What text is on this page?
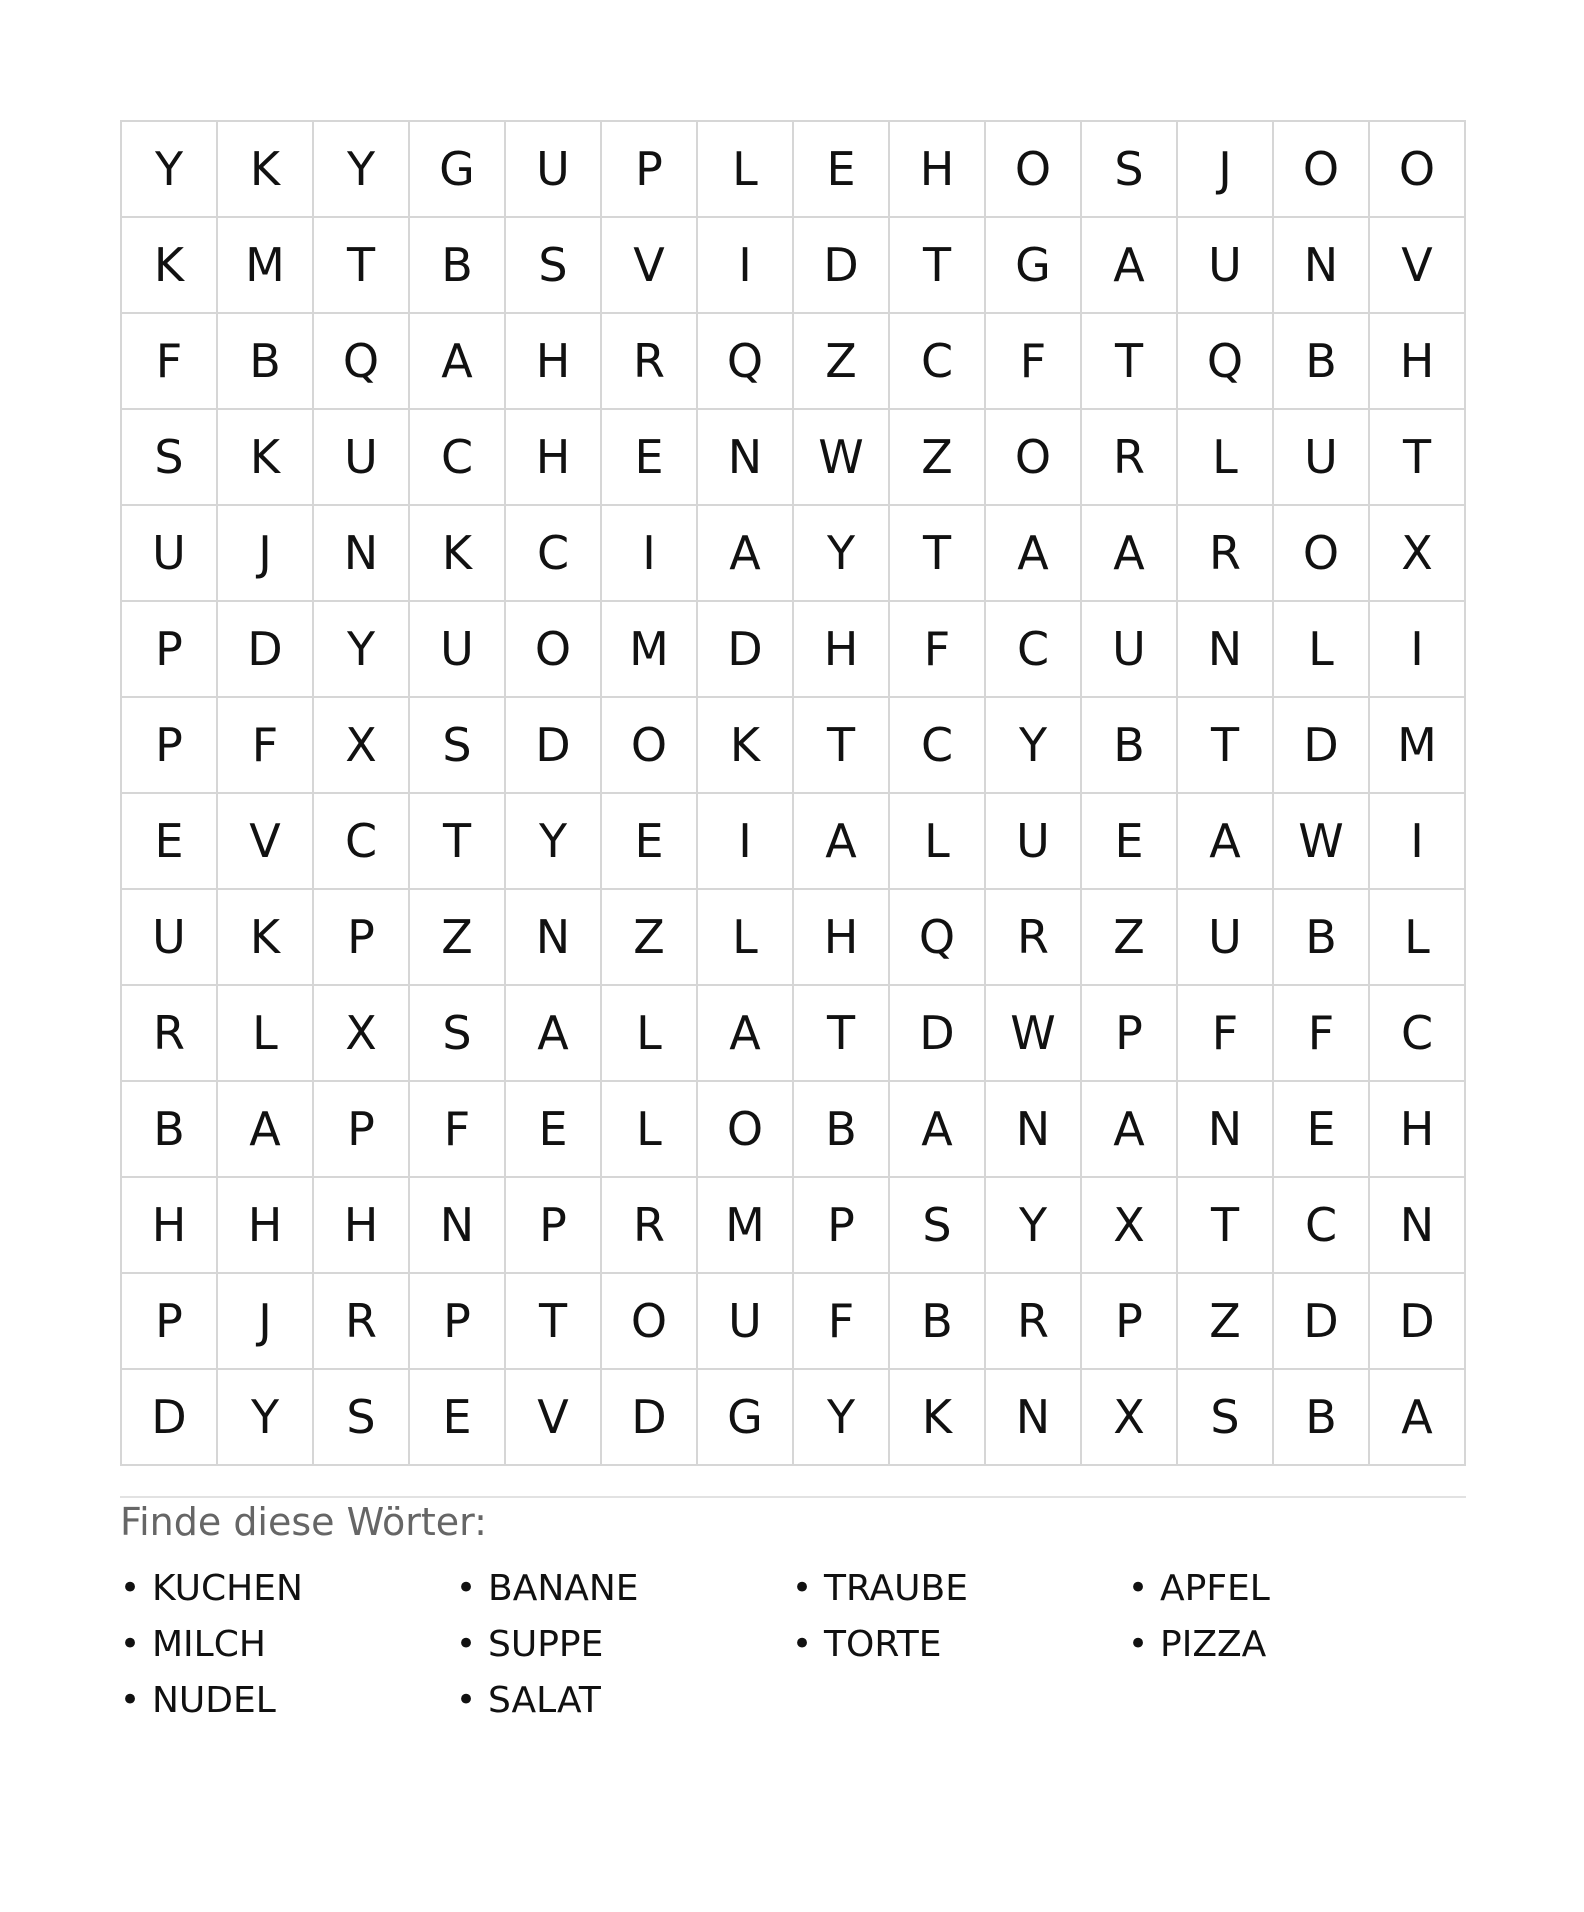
Y	K	Y	G	U	P	L	E	H	O	S	J	O	O
K	M	T	B	S	V	I	D	T	G	A	U	N	V
F	B	Q	A	H	R	Q	Z	C	F	T	Q	B	H
S	K	U	C	H	E	N	W	Z	O	R	L	U	T
U	J	N	K	C	I	A	Y	T	A	A	R	O	X
P	D	Y	U	O	M	D	H	F	C	U	N	L	I
P	F	X	S	D	O	K	T	C	Y	B	T	D	M
E	V	C	T	Y	E	I	A	L	U	E	A	W	I
U	K	P	Z	N	Z	L	H	Q	R	Z	U	B	L
R	L	X	S	A	L	A	T	D	W	P	F	F	C
B	A	P	F	E	L	O	B	A	N	A	N	E	H
H	H	H	N	P	R	M	P	S	Y	X	T	C	N
P	J	R	P	T	O	U	F	B	R	P	Z	D	D
D	Y	S	E	V	D	G	Y	K	N	X	S	B	A
Finde diese Wörter:
• KUCHEN	• BANANE	• TRAUBE	• APFEL
• MILCH	• SUPPE	• TORTE	• PIZZA
• NUDEL	• SALAT
